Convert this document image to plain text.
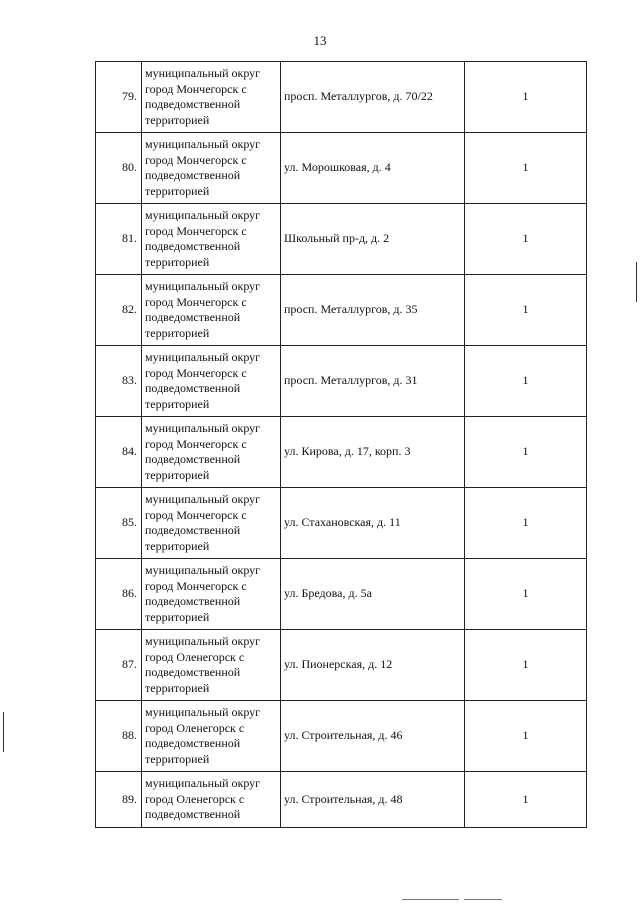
13
79.	муниципальный округ
город Мончегорск с
подведомственной
территорией	просп. Металлургов, д. 70/22	1
80.	муниципальный округ
город Мончегорск с
подведомственной
территорией	ул. Морошковая, д. 4	1
81.	муниципальный округ
город Мончегорск с
подведомственной
территорией	Школьный пр-д, д. 2	1
82.	муниципальный округ
город Мончегорск с
подведомственной
территорией	просп. Металлургов, д. 35	1
83.	муниципальный округ
город Мончегорск с
подведомственной
территорией	просп. Металлургов, д. 31	1
84.	муниципальный округ
город Мончегорск с
подведомственной
территорией	ул. Кирова, д. 17, корп. 3	1
85.	муниципальный округ
город Мончегорск с
подведомственной
территорией	ул. Стахановская, д. 11	1
86.	муниципальный округ
город Мончегорск с
подведомственной
территорией	ул. Бредова, д. 5а	1
87.	муниципальный округ
город Оленегорск с
подведомственной
территорией	ул. Пионерская, д. 12	1
88.	муниципальный округ
город Оленегорск с
подведомственной
территорией	ул. Строительная, д. 46	1
89.	муниципальный округ
город Оленегорск с
подведомственной	ул. Строительная, д. 48	1
